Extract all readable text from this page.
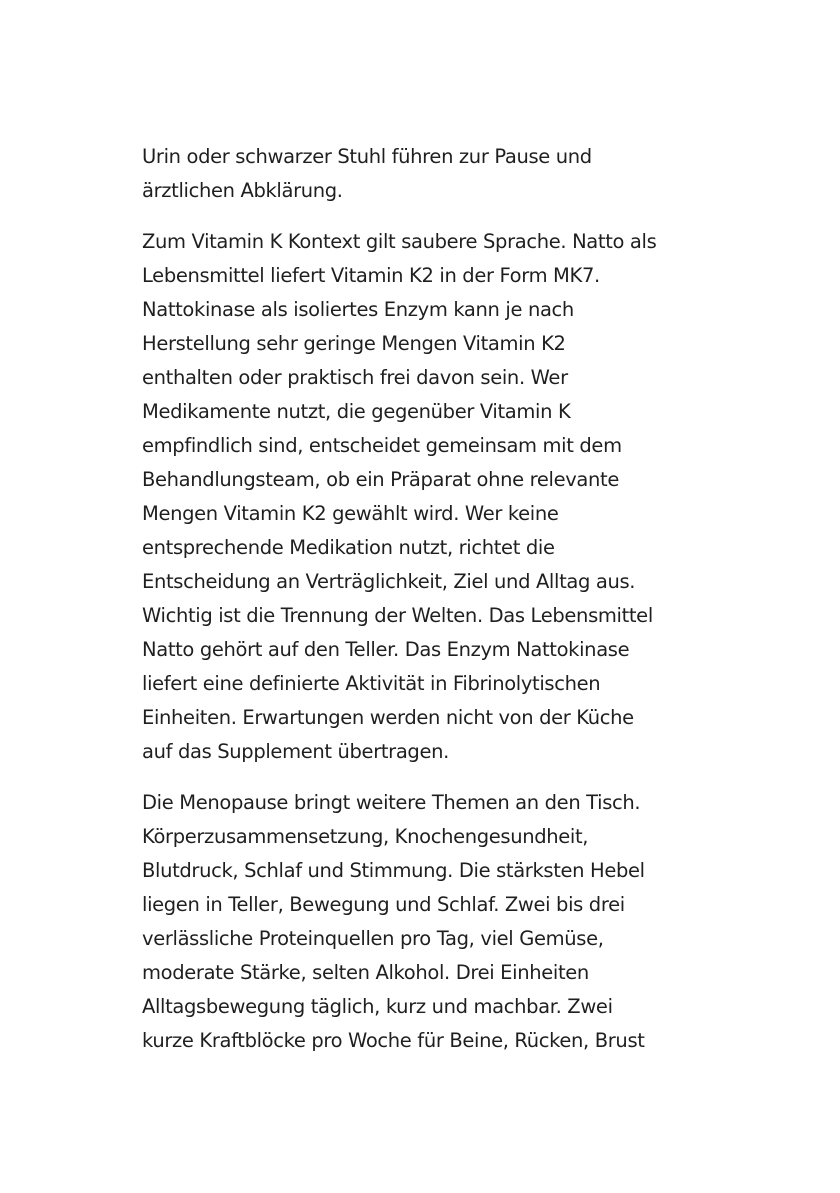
Urin oder schwarzer Stuhl führen zur Pause und
ärztlichen Abklärung.

Zum Vitamin K Kontext gilt saubere Sprache. Natto als
Lebensmittel liefert Vitamin K2 in der Form MK7.
Nattokinase als isoliertes Enzym kann je nach
Herstellung sehr geringe Mengen Vitamin K2
enthalten oder praktisch frei davon sein. Wer
Medikamente nutzt, die gegenüber Vitamin K
empfindlich sind, entscheidet gemeinsam mit dem
Behandlungsteam, ob ein Präparat ohne relevante
Mengen Vitamin K2 gewählt wird. Wer keine
entsprechende Medikation nutzt, richtet die
Entscheidung an Verträglichkeit, Ziel und Alltag aus.
Wichtig ist die Trennung der Welten. Das Lebensmittel
Natto gehört auf den Teller. Das Enzym Nattokinase
liefert eine definierte Aktivität in Fibrinolytischen
Einheiten. Erwartungen werden nicht von der Küche
auf das Supplement übertragen.

Die Menopause bringt weitere Themen an den Tisch.
Körperzusammensetzung, Knochengesundheit,
Blutdruck, Schlaf und Stimmung. Die stärksten Hebel
liegen in Teller, Bewegung und Schlaf. Zwei bis drei
verlässliche Proteinquellen pro Tag, viel Gemüse,
moderate Stärke, selten Alkohol. Drei Einheiten
Alltagsbewegung täglich, kurz und machbar. Zwei
kurze Kraftblöcke pro Woche für Beine, Rücken, Brust
